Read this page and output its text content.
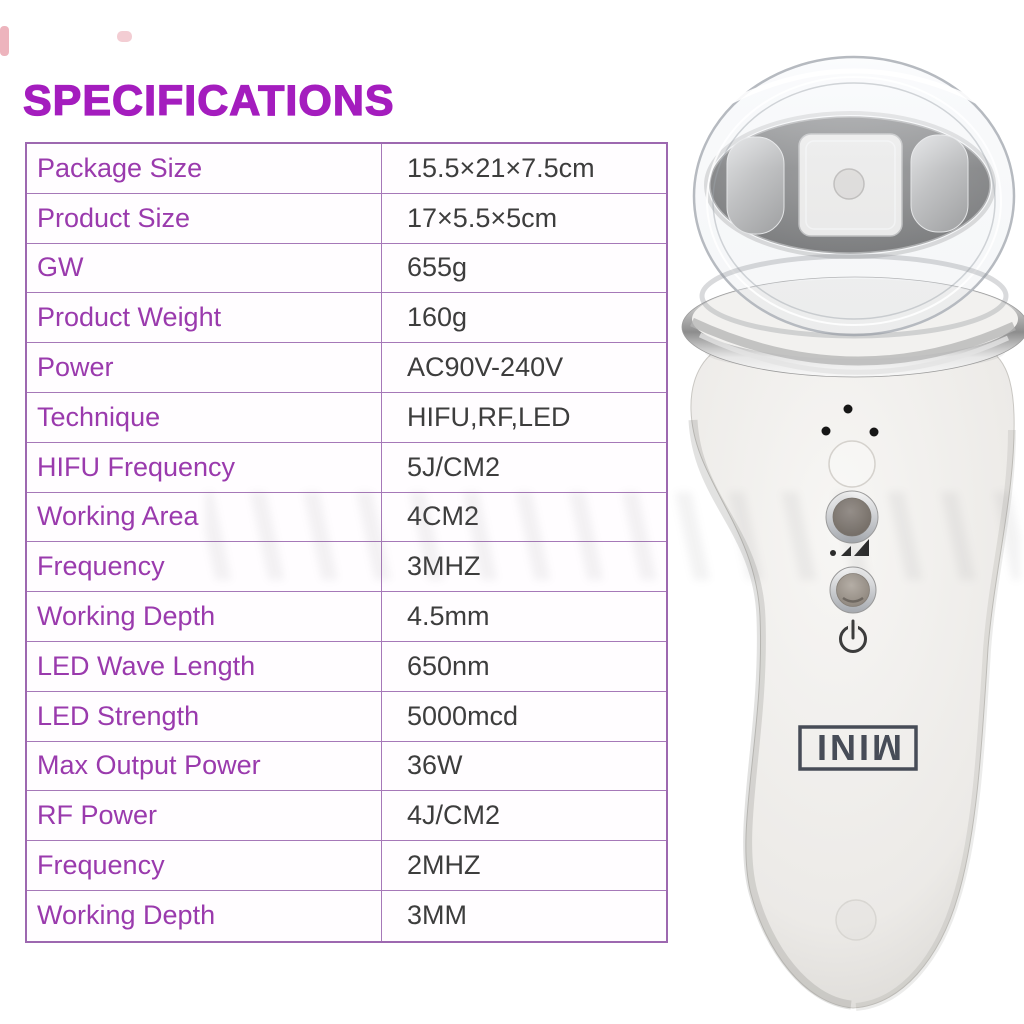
SPECIFICATIONS
Package Size	15.5×21×7.5cm
Product Size	17×5.5×5cm
GW	655g
Product Weight	160g
Power	AC90V-240V
Technique	HIFU,RF,LED
HIFU Frequency	5J/CM2
Working Area	4CM2
Frequency	3MHZ
Working Depth	4.5mm
LED Wave Length	650nm
LED Strength	5000mcd
Max Output Power	36W
RF Power	4J/CM2
Frequency	2MHZ
Working Depth	3MM
MINI
